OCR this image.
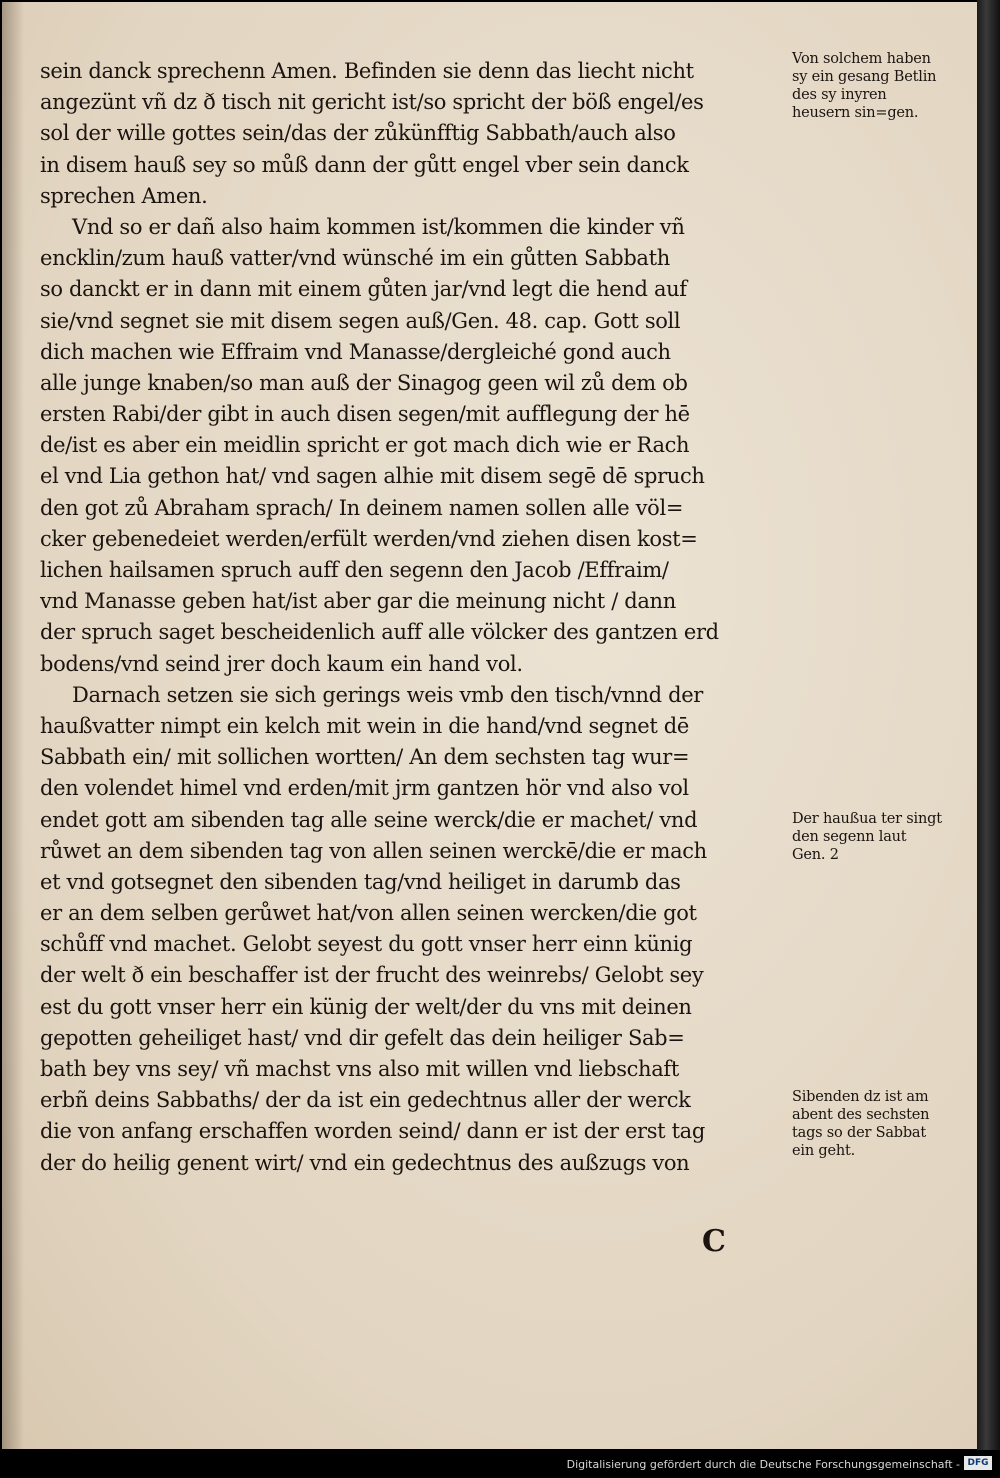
sein danck sprechenn Amen. Befinden sie denn das liecht nicht
angezünt vñ dz ð tisch nit gericht ist/so spricht der böß engel/es
sol der wille gottes sein/das der zůkünfftig Sabbath/auch also
in disem hauß sey so můß dann der gůtt engel vber sein danck
sprechen Amen.
Vnd so er dañ also haim kommen ist/kommen die kinder vñ
encklin/zum hauß vatter/vnd wünsché im ein gůtten Sabbath
so danckt er in dann mit einem gůten jar/vnd legt die hend auf
sie/vnd segnet sie mit disem segen auß/Gen. 48. cap. Gott soll
dich machen wie Effraim vnd Manasse/dergleiché gond auch
alle junge knaben/so man auß der Sinagog geen wil zů dem ob
ersten Rabi/der gibt in auch disen segen/mit aufflegung der hē
de/ist es aber ein meidlin spricht er got mach dich wie er Rach
el vnd Lia gethon hat/ vnd sagen alhie mit disem segē dē spruch
den got zů Abraham sprach/ In deinem namen sollen alle völ=
cker gebenedeiet werden/erfült werden/vnd ziehen disen kost=
lichen hailsamen spruch auff den segenn den Jacob /Effraim/
vnd Manasse geben hat/ist aber gar die meinung nicht / dann
der spruch saget bescheidenlich auff alle völcker des gantzen erd
bodens/vnd seind jrer doch kaum ein hand vol.
Darnach setzen sie sich gerings weis vmb den tisch/vnnd der
haußvatter nimpt ein kelch mit wein in die hand/vnd segnet dē
Sabbath ein/ mit sollichen wortten/ An dem sechsten tag wur=
den volendet himel vnd erden/mit jrm gantzen hör vnd also vol
endet gott am sibenden tag alle seine werck/die er machet/ vnd
růwet an dem sibenden tag von allen seinen werckē/die er mach
et vnd gotsegnet den sibenden tag/vnd heiliget in darumb das
er an dem selben gerůwet hat/von allen seinen wercken/die got
schůff vnd machet. Gelobt seyest du gott vnser herr einn künig
der welt ð ein beschaffer ist der frucht des weinrebs/ Gelobt sey
est du gott vnser herr ein künig der welt/der du vns mit deinen
gepotten geheiliget hast/ vnd dir gefelt das dein heiliger Sab=
bath bey vns sey/ vñ machst vns also mit willen vnd liebschaft
erbñ deins Sabbaths/ der da ist ein gedechtnus aller der werck
die von anfang erschaffen worden seind/ dann er ist der erst tag
der do heilig genent wirt/ vnd ein gedechtnus des außzugs von
Von solchem haben sy ein gesang Betlin des sy inyren heusern sin=gen.
Der haußua ter singt den segenn laut Gen. 2
Sibenden dz ist am abent des sechsten tags so der Sabbat ein geht.
C
Digitalisierung gefördert durch die Deutsche Forschungsgemeinschaft - DFG
